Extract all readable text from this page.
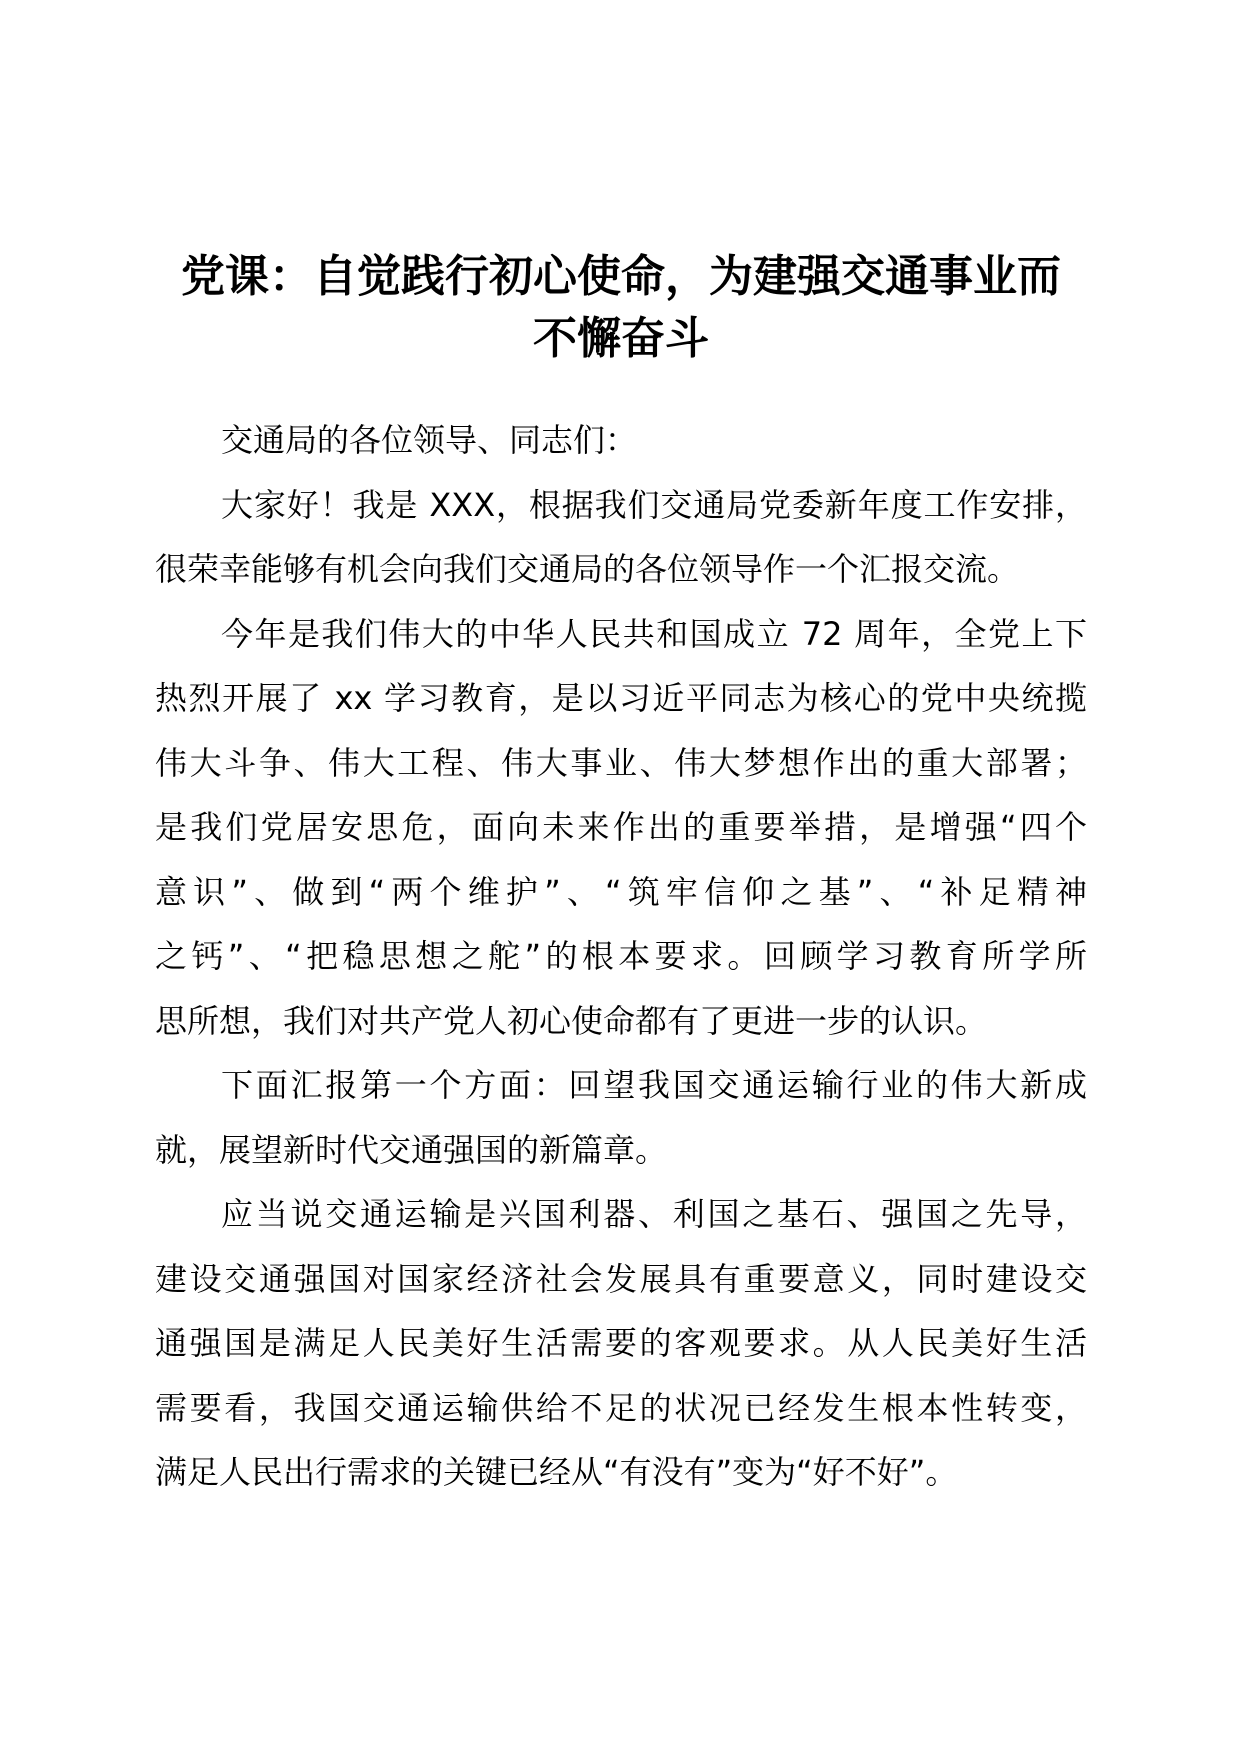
党课：自觉践行初心使命，为建强交通事业而
不懈奋斗

交通局的各位领导、同志们：

大家好！我是 XXX，根据我们交通局党委新年度工作安排，
很荣幸能够有机会向我们交通局的各位领导作一个汇报交流。

今年是我们伟大的中华人民共和国成立 72 周年，全党上下
热烈开展了 xx 学习教育，是以习近平同志为核心的党中央统揽
伟大斗争、伟大工程、伟大事业、伟大梦想作出的重大部署；
是我们党居安思危，面向未来作出的重要举措，是增强“四个
意识”、做到“两个维护”、“筑牢信仰之基”、“补足精神
之钙”、“把稳思想之舵”的根本要求。回顾学习教育所学所
思所想，我们对共产党人初心使命都有了更进一步的认识。

下面汇报第一个方面：回望我国交通运输行业的伟大新成
就，展望新时代交通强国的新篇章。

应当说交通运输是兴国利器、利国之基石、强国之先导，
建设交通强国对国家经济社会发展具有重要意义，同时建设交
通强国是满足人民美好生活需要的客观要求。从人民美好生活
需要看，我国交通运输供给不足的状况已经发生根本性转变，
满足人民出行需求的关键已经从“有没有”变为“好不好”。
